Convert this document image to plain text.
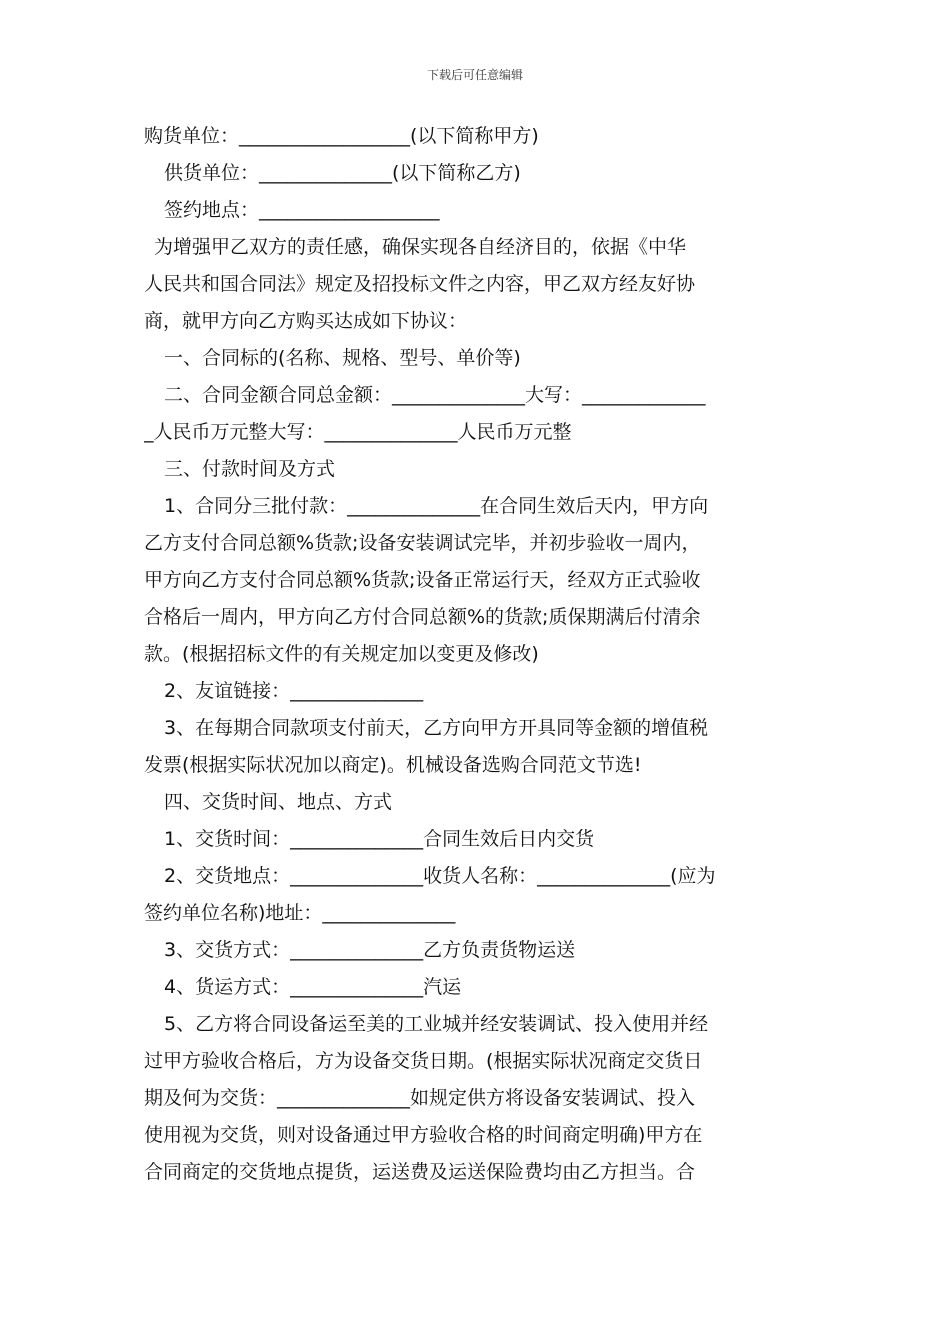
下载后可任意编辑
购货单位：__________________(以下简称甲方)
供货单位：______________(以下简称乙方)
签约地点：___________________
为增强甲乙双方的责任感，确保实现各自经济目的，依据《中华
人民共和国合同法》规定及招投标文件之内容，甲乙双方经友好协
商，就甲方向乙方购买达成如下协议：
一、合同标的(名称、规格、型号、单价等)
二、合同金额合同总金额：______________大写：_____________
_人民币万元整大写：______________人民币万元整
三、付款时间及方式
1、合同分三批付款：______________在合同生效后天内，甲方向
乙方支付合同总额%货款;设备安装调试完毕，并初步验收一周内，
甲方向乙方支付合同总额%货款;设备正常运行天，经双方正式验收
合格后一周内，甲方向乙方付合同总额%的货款;质保期满后付清余
款。(根据招标文件的有关规定加以变更及修改)
2、友谊链接：______________
3、在每期合同款项支付前天，乙方向甲方开具同等金额的增值税
发票(根据实际状况加以商定)。机械设备选购合同范文节选!
四、交货时间、地点、方式
1、交货时间：______________合同生效后日内交货
2、交货地点：______________收货人名称：______________(应为
签约单位名称)地址：______________
3、交货方式：______________乙方负责货物运送
4、货运方式：______________汽运
5、乙方将合同设备运至美的工业城并经安装调试、投入使用并经
过甲方验收合格后，方为设备交货日期。(根据实际状况商定交货日
期及何为交货：______________如规定供方将设备安装调试、投入
使用视为交货，则对设备通过甲方验收合格的时间商定明确)甲方在
合同商定的交货地点提货，运送费及运送保险费均由乙方担当。合
